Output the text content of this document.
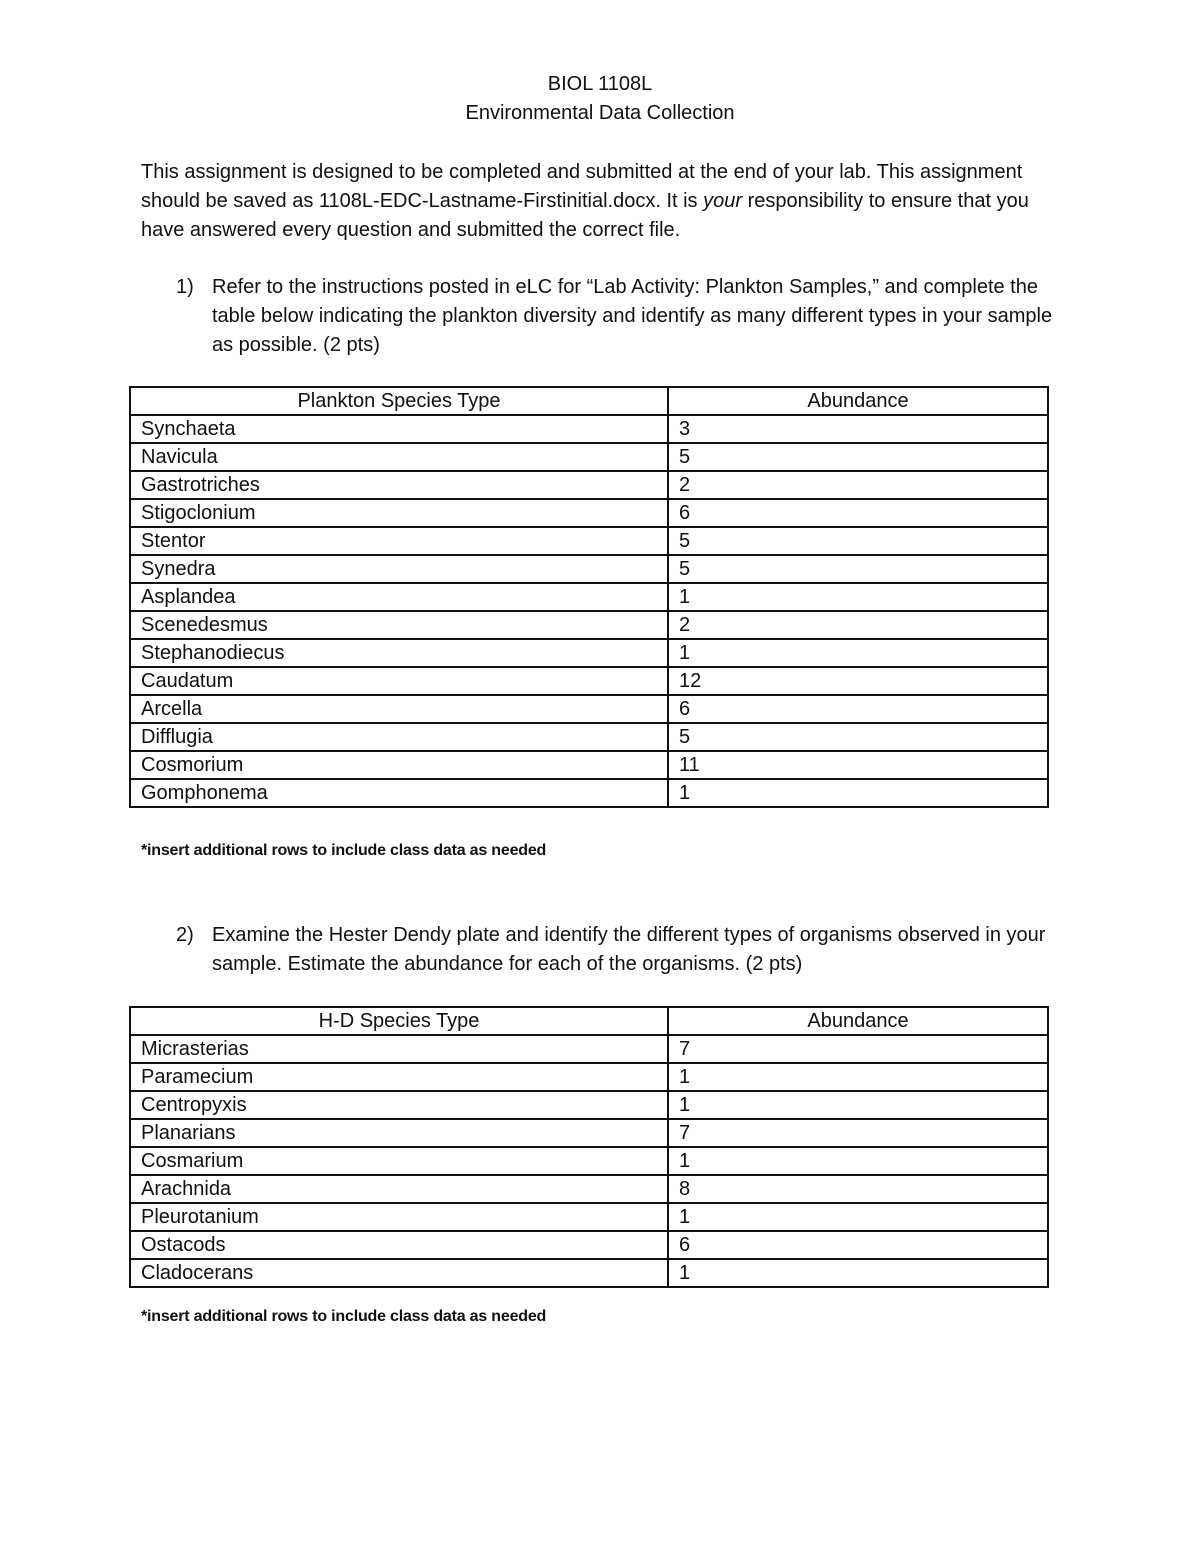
BIOL 1108L
Environmental Data Collection

This assignment is designed to be completed and submitted at the end of your lab. This assignment should be saved as 1108L-EDC-Lastname-Firstinitial.docx. It is your responsibility to ensure that you have answered every question and submitted the correct file.

1) Refer to the instructions posted in eLC for “Lab Activity: Plankton Samples,” and complete the table below indicating the plankton diversity and identify as many different types in your sample as possible. (2 pts)
Plankton Species Type	Abundance
Synchaeta	3
Navicula	5
Gastrotriches	2
Stigoclonium	6
Stentor	5
Synedra	5
Asplandea	1
Scenedesmus	2
Stephanodiecus	1
Caudatum	12
Arcella	6
Difflugia	5
Cosmorium	11
Gomphonema	1
*insert additional rows to include class data as needed
2) Examine the Hester Dendy plate and identify the different types of organisms observed in your sample. Estimate the abundance for each of the organisms. (2 pts)
H-D Species Type	Abundance
Micrasterias	7
Paramecium	1
Centropyxis	1
Planarians	7
Cosmarium	1
Arachnida	8
Pleurotanium	1
Ostacods	6
Cladocerans	1
*insert additional rows to include class data as needed
